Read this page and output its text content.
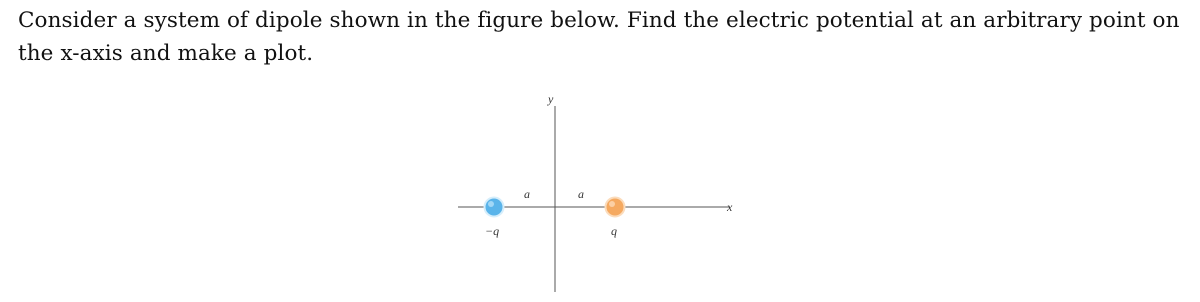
Consider a system of dipole shown in the figure below. Find the electric potential at an arbitrary point on the x-axis and make a plot.

y
x
a	a
−q	q
